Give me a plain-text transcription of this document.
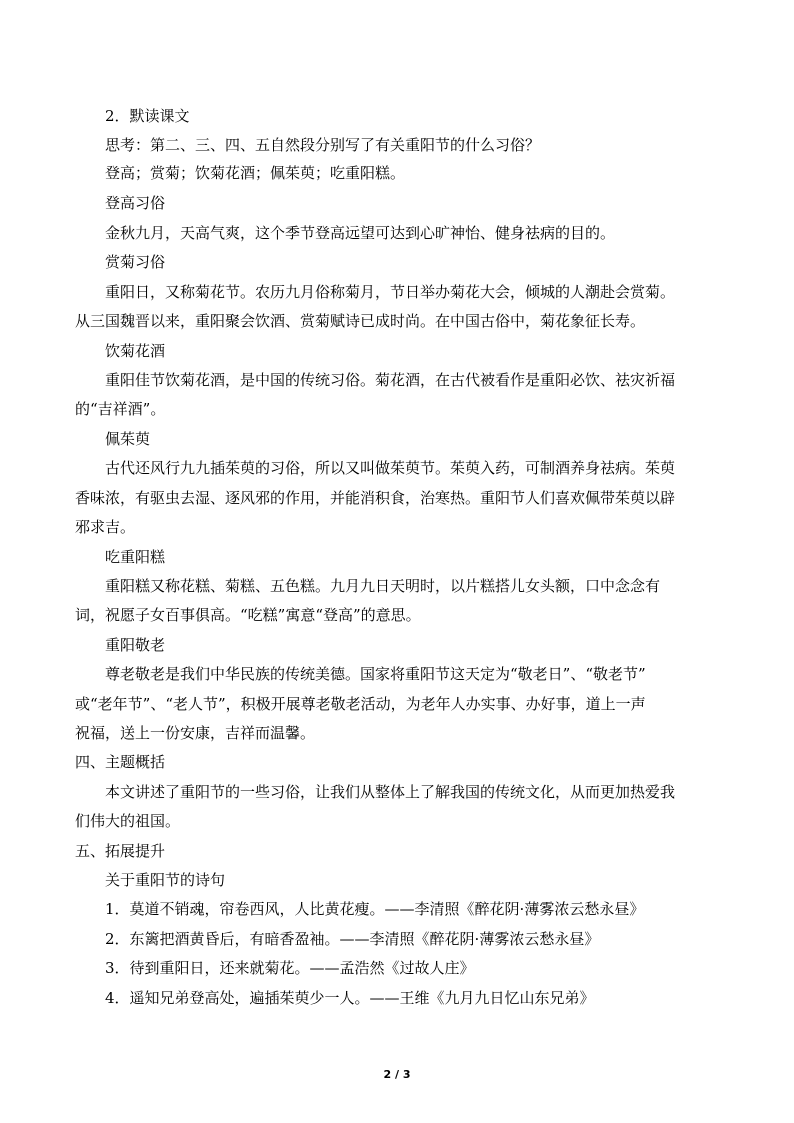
2．默读课文
思考：第二、三、四、五自然段分别写了有关重阳节的什么习俗？
登高；赏菊；饮菊花酒；佩茱萸；吃重阳糕。
登高习俗
金秋九月，天高气爽，这个季节登高远望可达到心旷神怡、健身祛病的目的。
赏菊习俗
重阳日，又称菊花节。农历九月俗称菊月，节日举办菊花大会，倾城的人潮赴会赏菊。
从三国魏晋以来，重阳聚会饮酒、赏菊赋诗已成时尚。在中国古俗中，菊花象征长寿。
饮菊花酒
重阳佳节饮菊花酒，是中国的传统习俗。菊花酒，在古代被看作是重阳必饮、祛灾祈福
的“吉祥酒”。
佩茱萸
古代还风行九九插茱萸的习俗，所以又叫做茱萸节。茱萸入药，可制酒养身祛病。茱萸
香味浓，有驱虫去湿、逐风邪的作用，并能消积食，治寒热。重阳节人们喜欢佩带茱萸以辟
邪求吉。
吃重阳糕
重阳糕又称花糕、菊糕、五色糕。九月九日天明时，以片糕搭儿女头额，口中念念有
词，祝愿子女百事俱高。“吃糕”寓意“登高”的意思。
重阳敬老
尊老敬老是我们中华民族的传统美德。国家将重阳节这天定为“敬老日”、“敬老节”
或“老年节”、“老人节”，积极开展尊老敬老活动，为老年人办实事、办好事，道上一声
祝福，送上一份安康，吉祥而温馨。
四、主题概括
本文讲述了重阳节的一些习俗，让我们从整体上了解我国的传统文化，从而更加热爱我
们伟大的祖国。
五、拓展提升
关于重阳节的诗句
1．莫道不销魂，帘卷西风，人比黄花瘦。——李清照《醉花阴·薄雾浓云愁永昼》
2．东篱把酒黄昏后，有暗香盈袖。——李清照《醉花阴·薄雾浓云愁永昼》
3．待到重阳日，还来就菊花。——孟浩然《过故人庄》
4．遥知兄弟登高处，遍插茱萸少一人。——王维《九月九日忆山东兄弟》
2 / 3
